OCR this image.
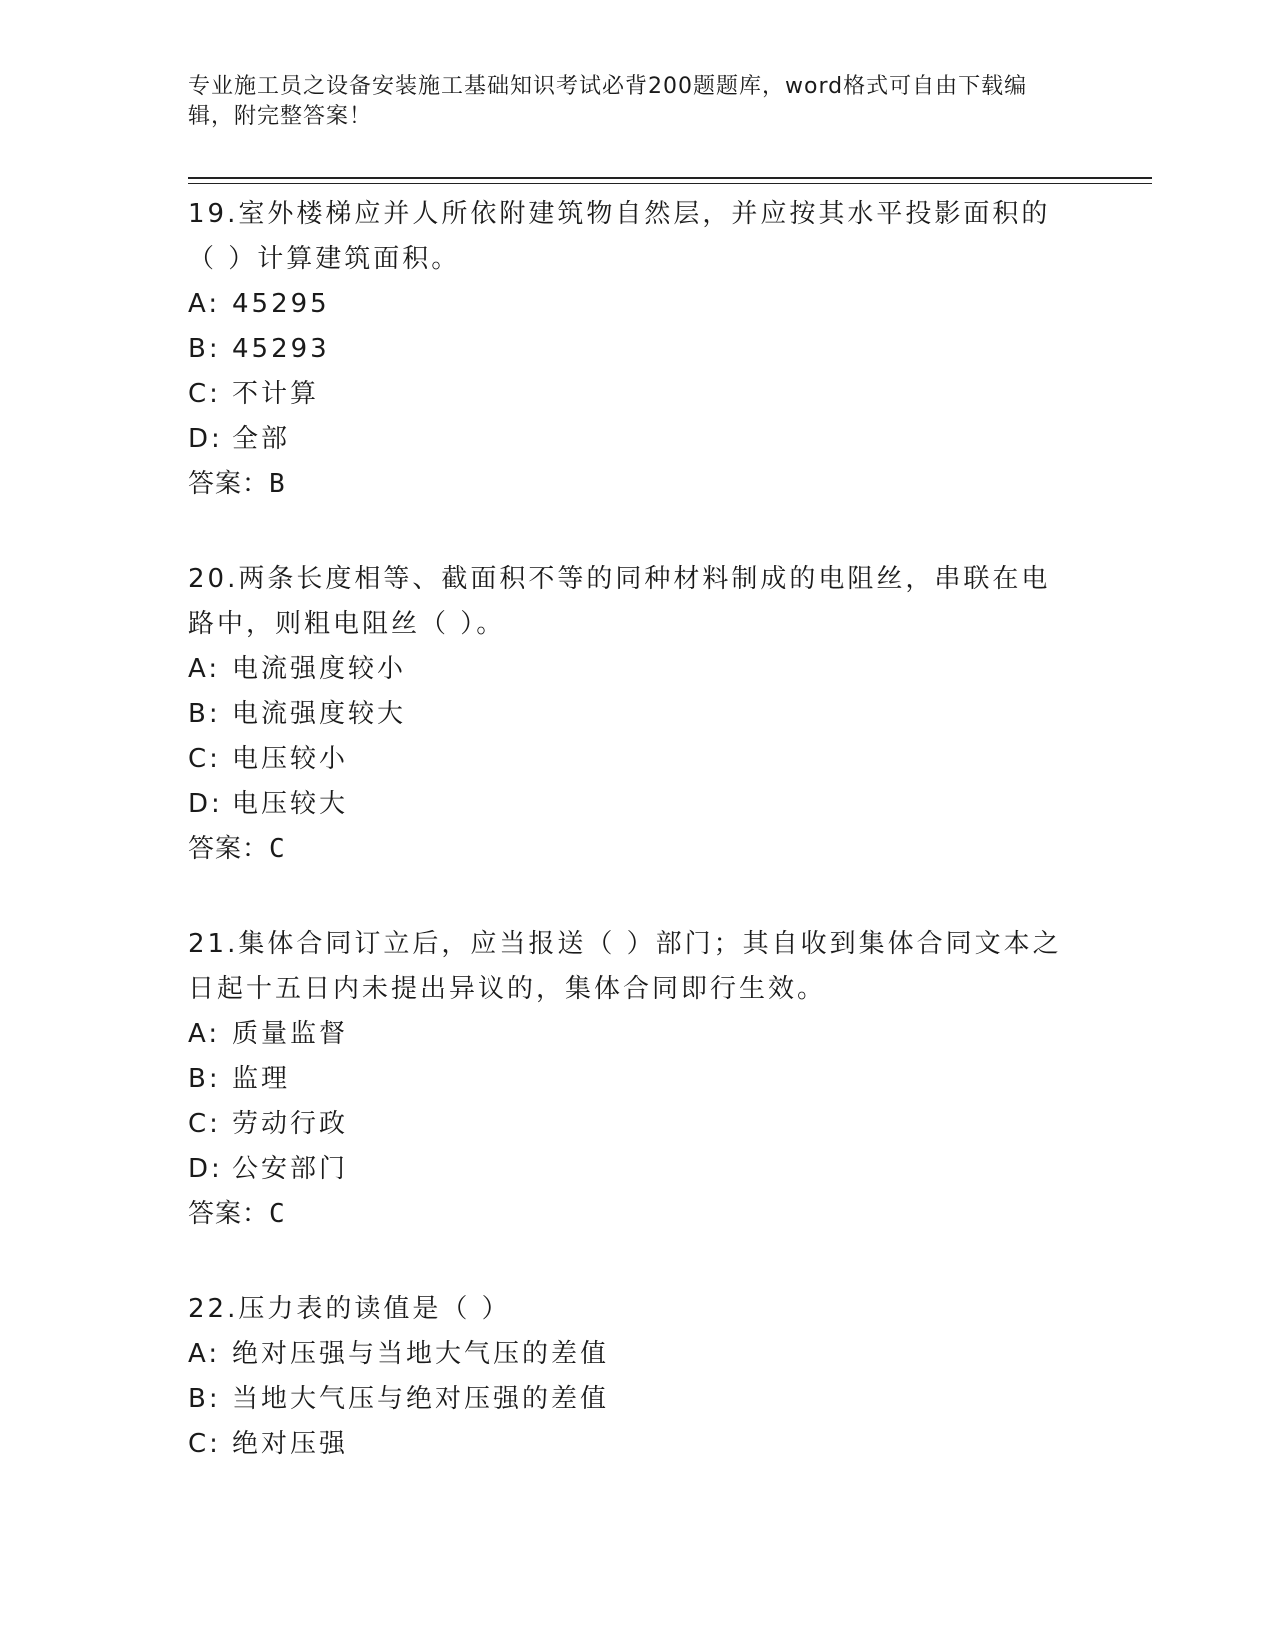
专业施工员之设备安装施工基础知识考试必背200题题库，word格式可自由下载编辑，附完整答案！
19.室外楼梯应并人所依附建筑物自然层，并应按其水平投影面积的（ ）计算建筑面积。
A: 45295
B: 45293
C: 不计算
D: 全部
答案：B
20.两条长度相等、截面积不等的同种材料制成的电阻丝，串联在电路中，则粗电阻丝（ ）。
A: 电流强度较小
B: 电流强度较大
C: 电压较小
D: 电压较大
答案：C
21.集体合同订立后，应当报送（ ）部门；其自收到集体合同文本之日起十五日内未提出异议的，集体合同即行生效。
A: 质量监督
B: 监理
C: 劳动行政
D: 公安部门
答案：C
22.压力表的读值是（ ）
A: 绝对压强与当地大气压的差值
B: 当地大气压与绝对压强的差值
C: 绝对压强
